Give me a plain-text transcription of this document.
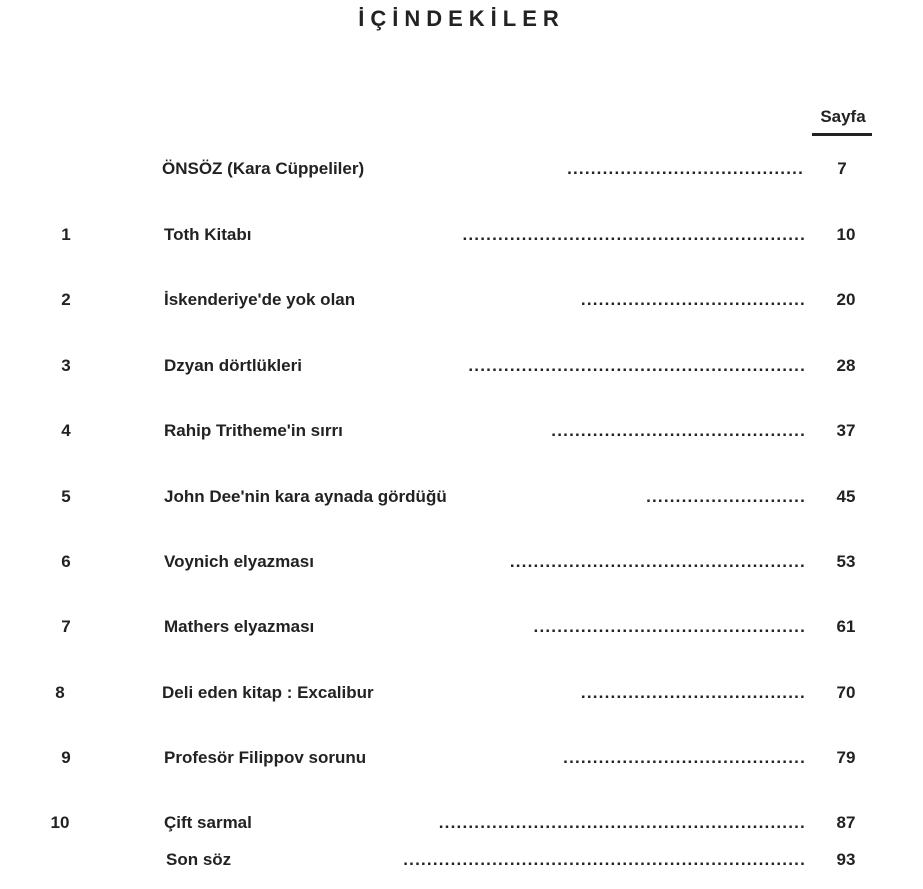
İÇİNDEKİLER
Sayfa
ÖNSÖZ (Kara Cüppeliler)	........................................	7
1	Toth Kitabı	..........................................................	10
2	İskenderiye'de yok olan	......................................	20
3	Dzyan dörtlükleri	.........................................................	28
4	Rahip Tritheme'in sırrı	...........................................	37
5	John Dee'nin kara aynada gördüğü	...........................	45
6	Voynich elyazması	..................................................	53
7	Mathers elyazması	..............................................	61
8	Deli eden kitap : Excalibur	......................................	70
9	Profesör Filippov sorunu	.........................................	79
10	Çift sarmal	..............................................................	87
Son söz	....................................................................	93
